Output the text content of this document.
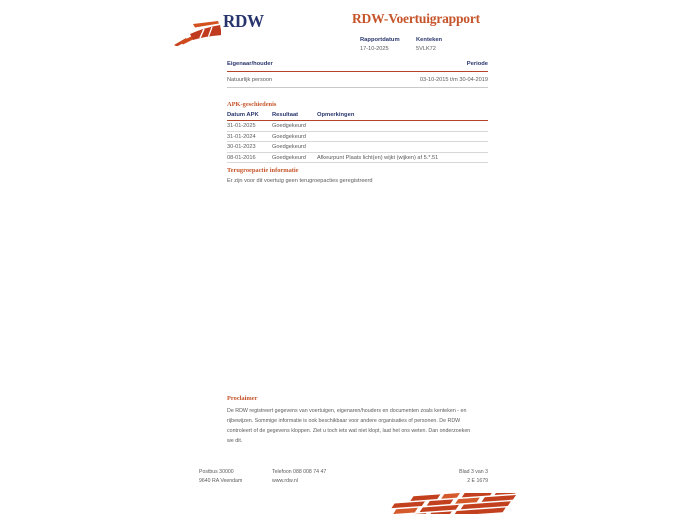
RDW	RDW-Voertuigrapport
Rapportdatum
17-10-2025
Kenteken
5VLK72
Eigenaar/houder	Periode
Natuurlijk persoon	03-10-2015 t/m 30-04-2019
APK-geschiedenis
Datum APK	Resultaat	Opmerkingen
31-01-2025	Goedgekeurd
31-01-2024	Goedgekeurd
30-01-2023	Goedgekeurd
08-01-2016	Goedgekeurd	Afkeurpunt Plaats licht(en) wijkt (wijken) af 5.*.51
Terugroepactie informatie
Er zijn voor dit voertuig geen terugroepacties geregistreerd
Proclaimer
De RDW registreert gegevens van voertuigen, eigenaren/houders en documenten zoals kenteken - en
rijbewijzen. Sommige informatie is ook beschikbaar voor andere organisaties of personen. De RDW
controleert of de gegevens kloppen. Ziet u toch iets wat niet klopt, laat het ons weten. Dan onderzoeken
we dit.
Postbus 30000
9640 RA Veendam
Telefoon 088 008 74 47
www.rdw.nl
Blad 3 van 3
2 E 1679
